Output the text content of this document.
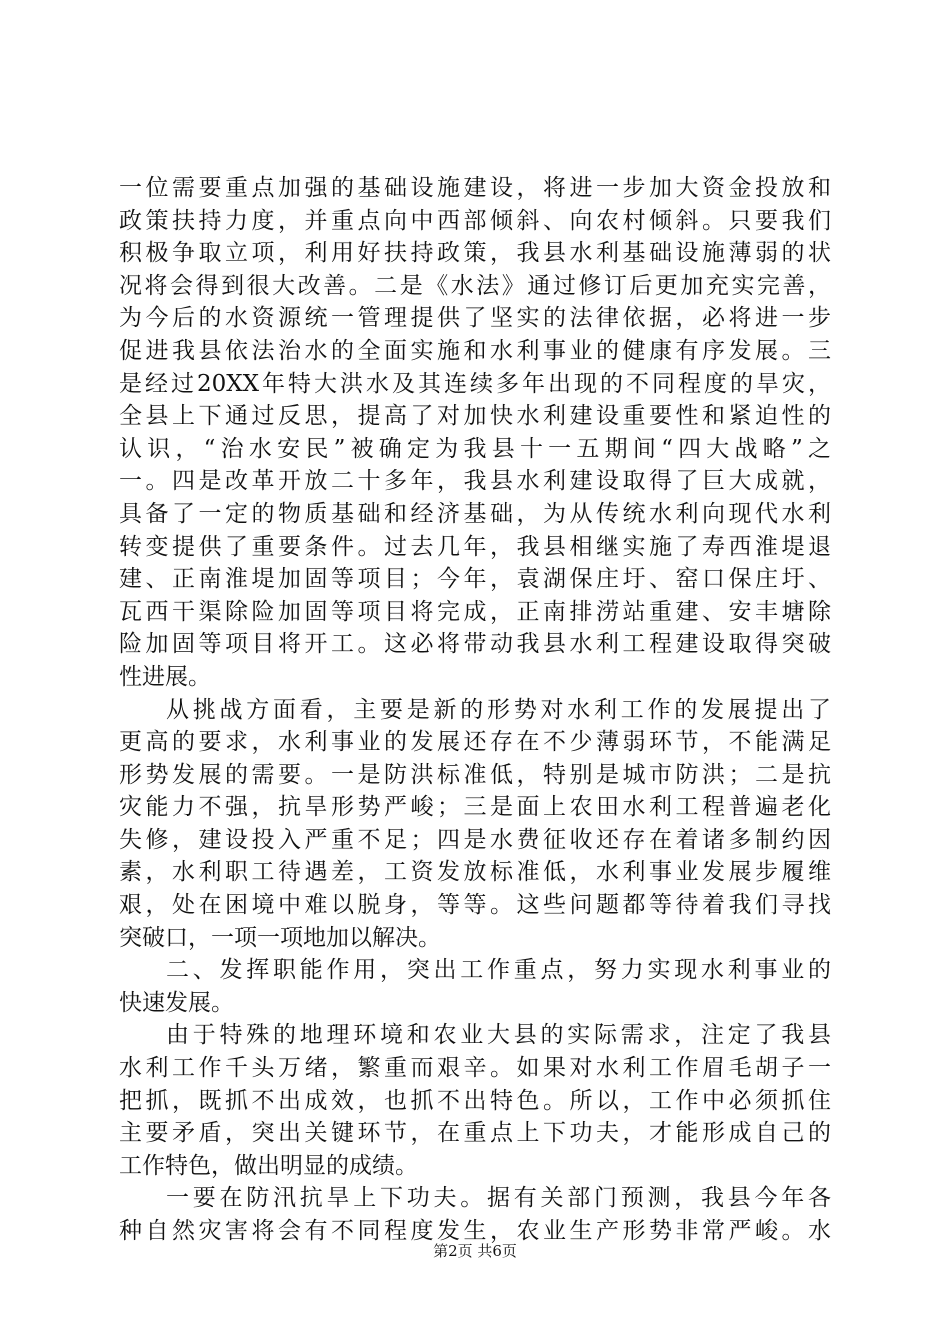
一位需要重点加强的基础设施建设，将进一步加大资金投放和
政策扶持力度，并重点向中西部倾斜、向农村倾斜。只要我们
积极争取立项，利用好扶持政策，我县水利基础设施薄弱的状
况将会得到很大改善。二是《水法》通过修订后更加充实完善，
为今后的水资源统一管理提供了坚实的法律依据，必将进一步
促进我县依法治水的全面实施和水利事业的健康有序发展。三
是经过20XX年特大洪水及其连续多年出现的不同程度的旱灾，
全县上下通过反思，提高了对加快水利建设重要性和紧迫性的
认识，“治水安民”被确定为我县十一五期间“四大战略”之
一。四是改革开放二十多年，我县水利建设取得了巨大成就，
具备了一定的物质基础和经济基础，为从传统水利向现代水利
转变提供了重要条件。过去几年，我县相继实施了寿西淮堤退
建、正南淮堤加固等项目；今年，袁湖保庄圩、窑口保庄圩、
瓦西干渠除险加固等项目将完成，正南排涝站重建、安丰塘除
险加固等项目将开工。这必将带动我县水利工程建设取得突破
性进展。
从挑战方面看，主要是新的形势对水利工作的发展提出了
更高的要求，水利事业的发展还存在不少薄弱环节，不能满足
形势发展的需要。一是防洪标准低，特别是城市防洪；二是抗
灾能力不强，抗旱形势严峻；三是面上农田水利工程普遍老化
失修，建设投入严重不足；四是水费征收还存在着诸多制约因
素，水利职工待遇差，工资发放标准低，水利事业发展步履维
艰，处在困境中难以脱身，等等。这些问题都等待着我们寻找
突破口，一项一项地加以解决。
二、发挥职能作用，突出工作重点，努力实现水利事业的
快速发展。
由于特殊的地理环境和农业大县的实际需求，注定了我县
水利工作千头万绪，繁重而艰辛。如果对水利工作眉毛胡子一
把抓，既抓不出成效，也抓不出特色。所以，工作中必须抓住
主要矛盾，突出关键环节，在重点上下功夫，才能形成自己的
工作特色，做出明显的成绩。
一要在防汛抗旱上下功夫。据有关部门预测，我县今年各
种自然灾害将会有不同程度发生，农业生产形势非常严峻。水
第2页 共6页
